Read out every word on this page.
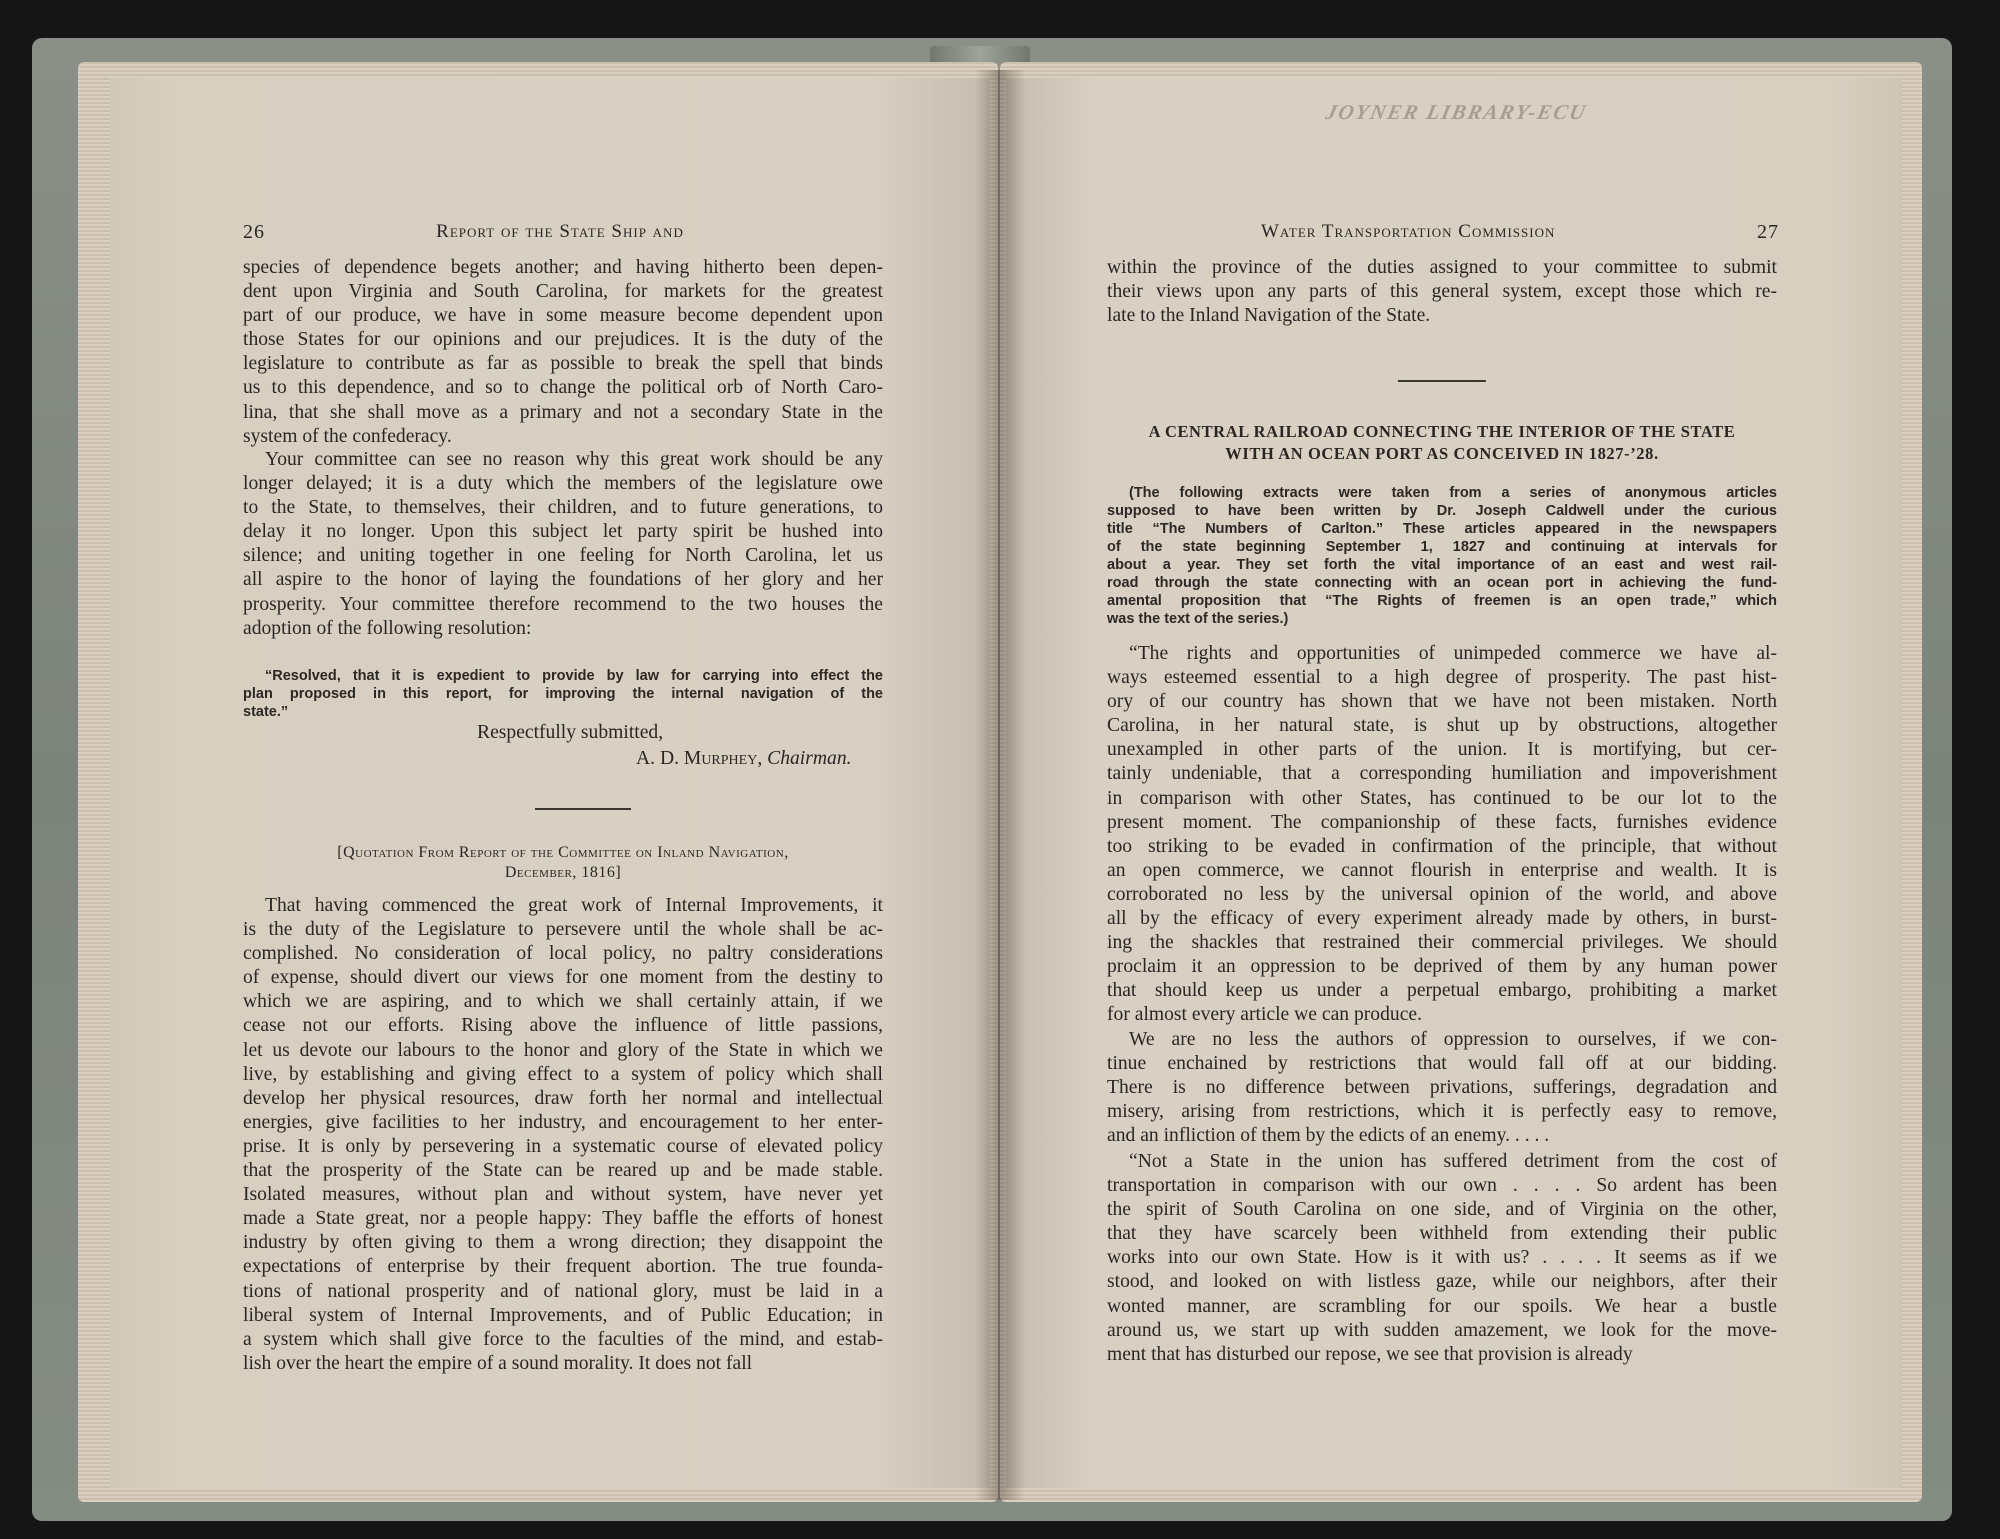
26	Report of the State Ship and
species of dependence begets another; and having hitherto been depen-
dent upon Virginia and South Carolina, for markets for the greatest
part of our produce, we have in some measure become dependent upon
those States for our opinions and our prejudices. It is the duty of the
legislature to contribute as far as possible to break the spell that binds
us to this dependence, and so to change the political orb of North Caro-
lina, that she shall move as a primary and not a secondary State in the
system of the confederacy.
Your committee can see no reason why this great work should be any
longer delayed; it is a duty which the members of the legislature owe
to the State, to themselves, their children, and to future generations, to
delay it no longer. Upon this subject let party spirit be hushed into
silence; and uniting together in one feeling for North Carolina, let us
all aspire to the honor of laying the foundations of her glory and her
prosperity. Your committee therefore recommend to the two houses the
adoption of the following resolution:
“Resolved, that it is expedient to provide by law for carrying into effect the
plan proposed in this report, for improving the internal navigation of the
state.”
Respectfully submitted,
A. D. Murphey, Chairman.
[Quotation From Report of the Committee on Inland Navigation,
December, 1816]
That having commenced the great work of Internal Improvements, it
is the duty of the Legislature to persevere until the whole shall be ac-
complished. No consideration of local policy, no paltry considerations
of expense, should divert our views for one moment from the destiny to
which we are aspiring, and to which we shall certainly attain, if we
cease not our efforts. Rising above the influence of little passions,
let us devote our labours to the honor and glory of the State in which we
live, by establishing and giving effect to a system of policy which shall
develop her physical resources, draw forth her normal and intellectual
energies, give facilities to her industry, and encouragement to her enter-
prise. It is only by persevering in a systematic course of elevated policy
that the prosperity of the State can be reared up and be made stable.
Isolated measures, without plan and without system, have never yet
made a State great, nor a people happy: They baffle the efforts of honest
industry by often giving to them a wrong direction; they disappoint the
expectations of enterprise by their frequent abortion. The true founda-
tions of national prosperity and of national glory, must be laid in a
liberal system of Internal Improvements, and of Public Education; in
a system which shall give force to the faculties of the mind, and estab-
lish over the heart the empire of a sound morality. It does not fall
Water Transportation Commission	27
within the province of the duties assigned to your committee to submit
their views upon any parts of this general system, except those which re-
late to the Inland Navigation of the State.
A CENTRAL RAILROAD CONNECTING THE INTERIOR OF THE STATE
WITH AN OCEAN PORT AS CONCEIVED IN 1827-’28.
(The following extracts were taken from a series of anonymous articles
supposed to have been written by Dr. Joseph Caldwell under the curious
title “The Numbers of Carlton.” These articles appeared in the newspapers
of the state beginning September 1, 1827 and continuing at intervals for
about a year. They set forth the vital importance of an east and west rail-
road through the state connecting with an ocean port in achieving the fund-
amental proposition that “The Rights of freemen is an open trade,” which
was the text of the series.)
“The rights and opportunities of unimpeded commerce we have al-
ways esteemed essential to a high degree of prosperity. The past hist-
ory of our country has shown that we have not been mistaken. North
Carolina, in her natural state, is shut up by obstructions, altogether
unexampled in other parts of the union. It is mortifying, but cer-
tainly undeniable, that a corresponding humiliation and impoverishment
in comparison with other States, has continued to be our lot to the
present moment. The companionship of these facts, furnishes evidence
too striking to be evaded in confirmation of the principle, that without
an open commerce, we cannot flourish in enterprise and wealth. It is
corroborated no less by the universal opinion of the world, and above
all by the efficacy of every experiment already made by others, in burst-
ing the shackles that restrained their commercial privileges. We should
proclaim it an oppression to be deprived of them by any human power
that should keep us under a perpetual embargo, prohibiting a market
for almost every article we can produce.
We are no less the authors of oppression to ourselves, if we con-
tinue enchained by restrictions that would fall off at our bidding.
There is no difference between privations, sufferings, degradation and
misery, arising from restrictions, which it is perfectly easy to remove,
and an infliction of them by the edicts of an enemy. . . . .
“Not a State in the union has suffered detriment from the cost of
transportation in comparison with our own . . . . So ardent has been
the spirit of South Carolina on one side, and of Virginia on the other,
that they have scarcely been withheld from extending their public
works into our own State. How is it with us? . . . . It seems as if we
stood, and looked on with listless gaze, while our neighbors, after their
wonted manner, are scrambling for our spoils. We hear a bustle
around us, we start up with sudden amazement, we look for the move-
ment that has disturbed our repose, we see that provision is already
JOYNER LIBRARY-ECU
